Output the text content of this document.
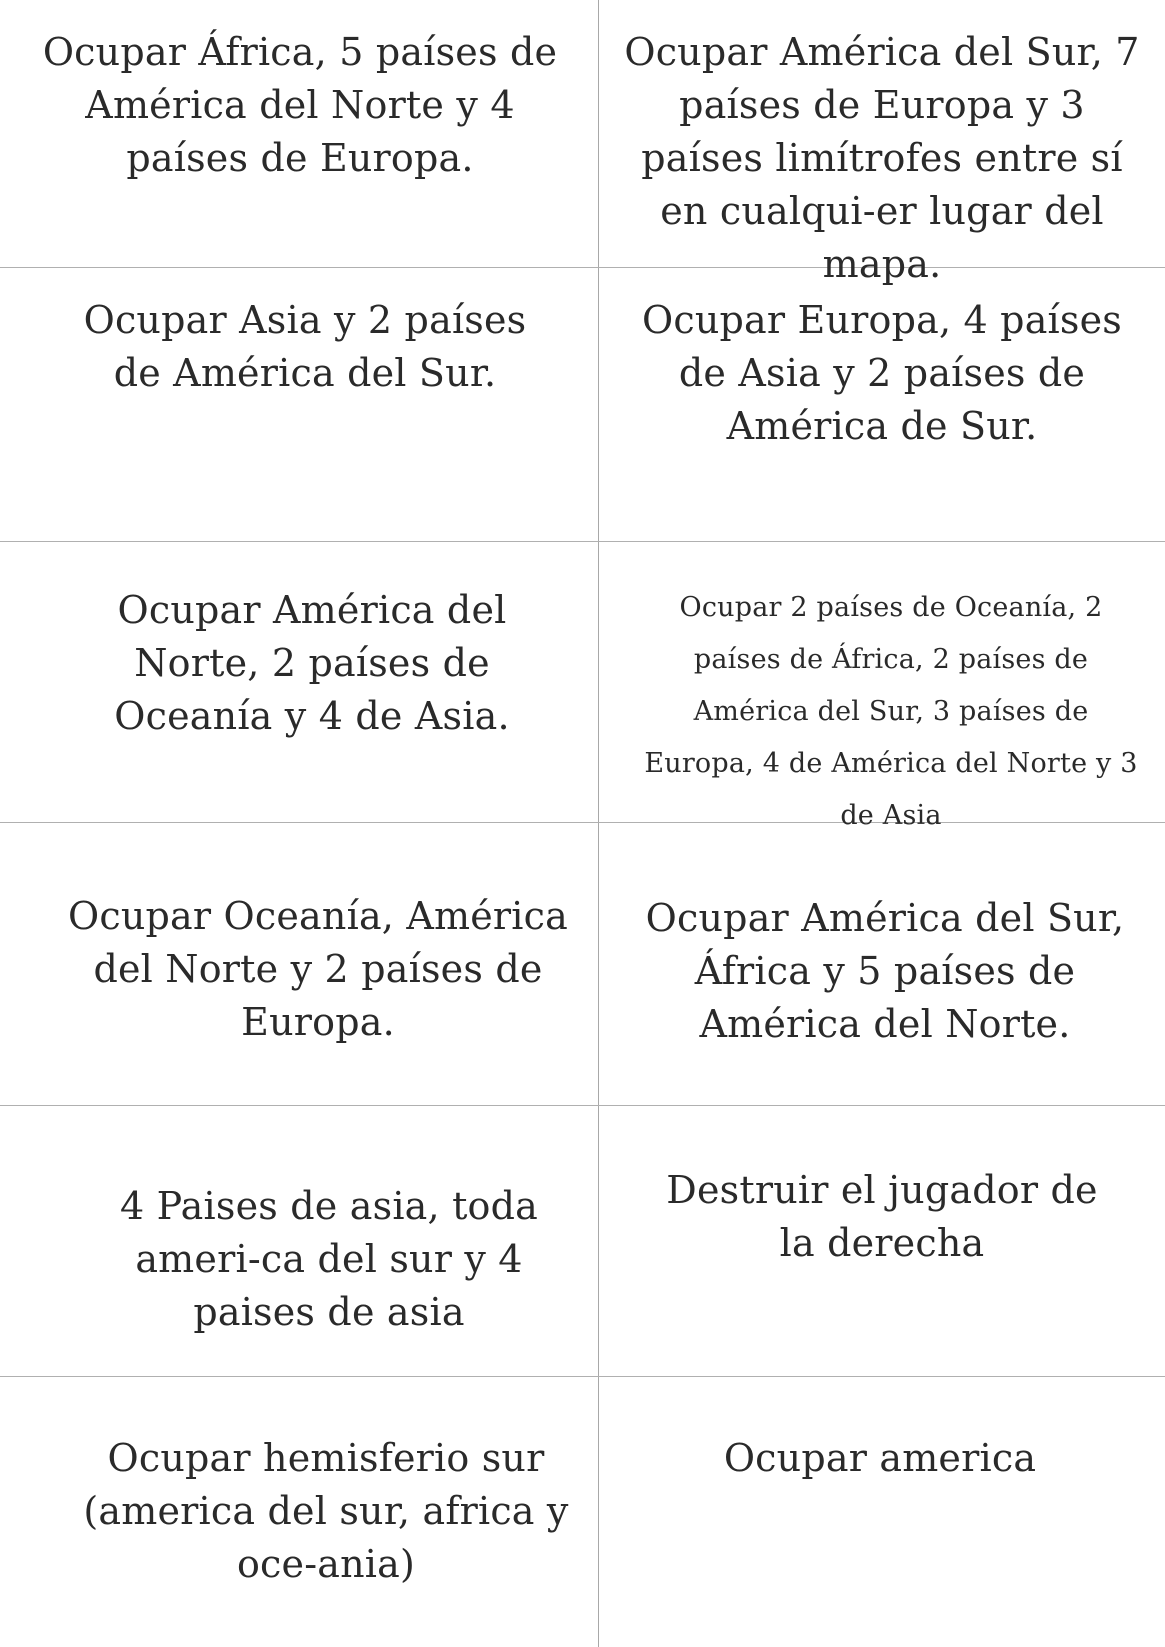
Ocupar África, 5 países de América del Norte y 4 países de Europa.
Ocupar América del Sur, 7 países de Europa y 3 países limítrofes entre sí en cualqui-er lugar del mapa.
Ocupar Asia y 2 países de América del Sur.
Ocupar Europa, 4 países de Asia y 2 países de América de Sur.
Ocupar América del Norte, 2 países de Oceanía y 4 de Asia.
Ocupar 2 países de Oceanía, 2 países de África, 2 países de América del Sur, 3 países de Europa, 4 de América del Norte y 3 de Asia
Ocupar Oceanía, América del Norte y 2 países de Europa.
Ocupar América del Sur, África y 5 países de América del Norte.
4 Paises de asia, toda ameri-ca del sur y 4 paises de asia
Destruir el jugador de la derecha
Ocupar hemisferio sur (america del sur, africa y oce-ania)
Ocupar america
